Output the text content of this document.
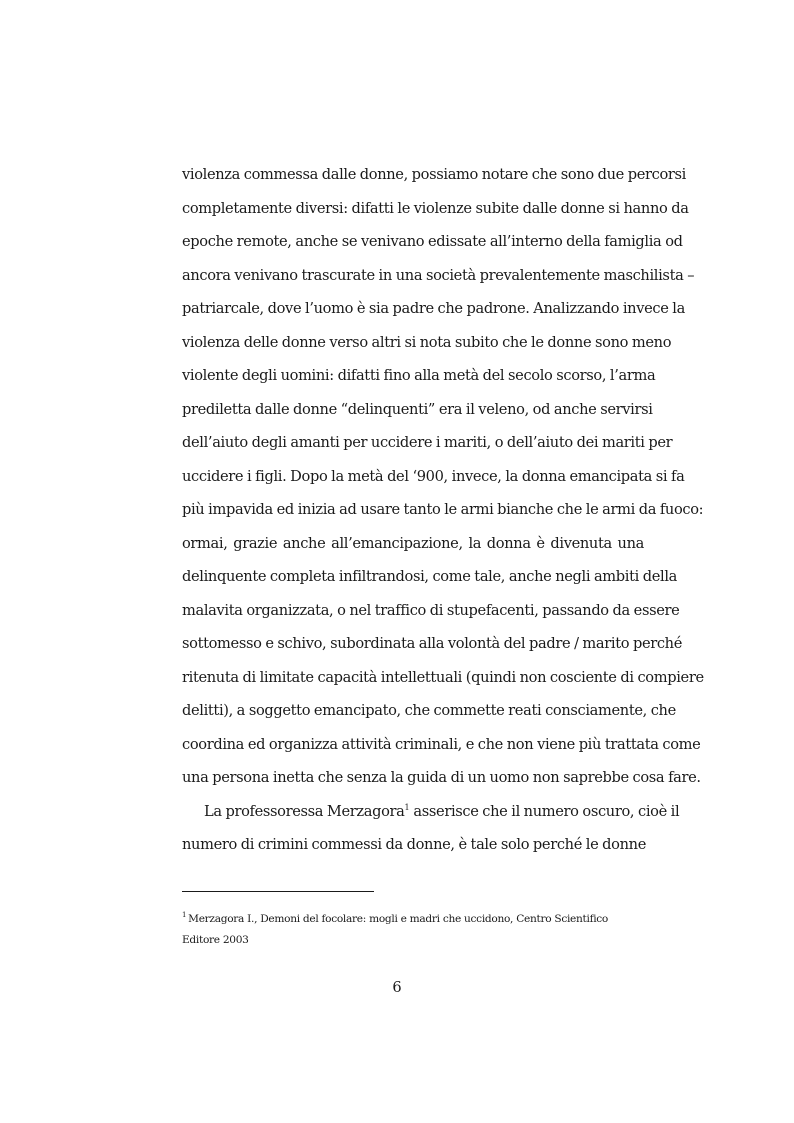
violenza commessa dalle donne, possiamo notare che sono due percorsi
completamente diversi: difatti le violenze subite dalle donne si hanno da
epoche remote, anche se venivano edissate all’interno della famiglia od
ancora venivano trascurate in una società prevalentemente maschilista –
patriarcale, dove l’uomo è sia padre che padrone. Analizzando invece la
violenza delle donne verso altri si nota subito che le donne sono meno
violente degli uomini: difatti fino alla metà del secolo scorso, l’arma
prediletta dalle donne “delinquenti” era il veleno, od anche servirsi
dell’aiuto degli amanti per uccidere i mariti, o dell’aiuto dei mariti per
uccidere i figli. Dopo la metà del ‘900, invece, la donna emancipata si fa
più impavida ed inizia ad usare tanto le armi bianche che le armi da fuoco:
ormai, grazie anche all’emancipazione, la donna è divenuta una
delinquente completa infiltrandosi, come tale, anche negli ambiti della
malavita organizzata, o nel traffico di stupefacenti, passando da essere
sottomesso e schivo, subordinata alla volontà del padre / marito perché
ritenuta di limitate capacità intellettuali (quindi non cosciente di compiere
delitti), a soggetto emancipato, che commette reati consciamente, che
coordina ed organizza attività criminali, e che non viene più trattata come
una persona inetta che senza la guida di un uomo non saprebbe cosa fare.
La professoressa Merzagora$^1$ asserisce che il numero oscuro, cioè il
numero di crimini commessi da donne, è tale solo perché le donne
$^1$ Merzagora I., Demoni del focolare: mogli e madri che uccidono, Centro Scientifico
Editore 2003
6
